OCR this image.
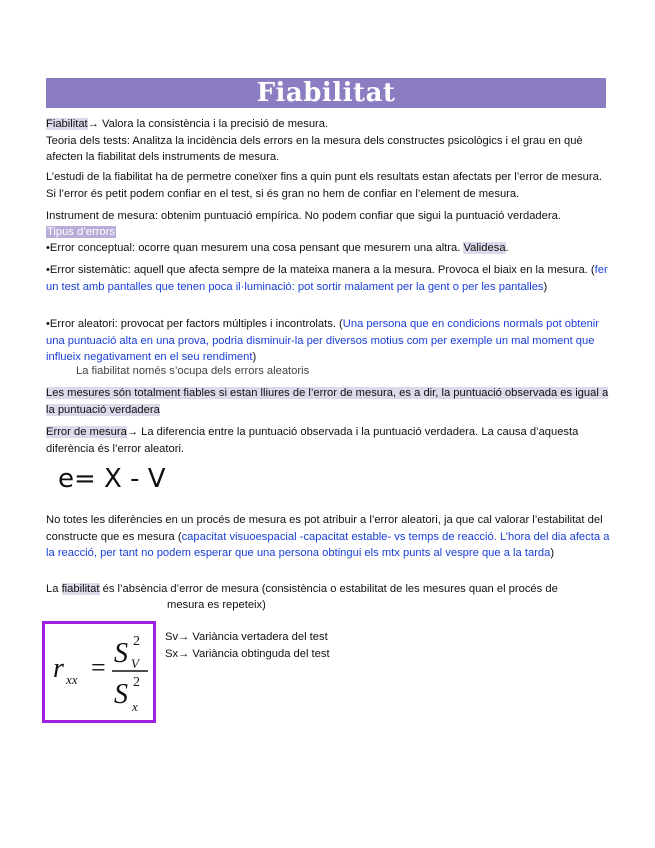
Fiabilitat
Fiabilitat→ Valora la consistència i la precisió de mesura.
Teoria dels tests: Analitza la incidència dels errors en la mesura dels constructes psicològics i el grau en què afecten la fiabilitat dels instruments de mesura.
L’estudi de la fiabilitat ha de permetre coneïxer fins a quin punt els resultats estan afectats per l’error de mesura. Si l’error és petit podem confiar en el test, si és gran no hem de confiar en l’element de mesura.
Instrument de mesura: obtenim puntuació empírica. No podem confiar que sigui la puntuació verdadera.
Tipus d’errors
•Error conceptual: ocorre quan mesurem una cosa pensant que mesurem una altra. Validesa.
•Error sistemàtic: aquell que afecta sempre de la mateixa manera a la mesura. Provoca el biaix en la mesura. (fer un test amb pantalles que tenen poca il·luminació: pot sortir malament per la gent o per les pantalles)
•Error aleatori: provocat per factors múltiples i incontrolats. (Una persona que en condicions normals pot obtenir una puntuació alta en una prova, podria disminuir-la per diversos motius com per exemple un mal moment que influeix negativament en el seu rendiment)
La fiabilitat només s’ocupa dels errors aleatoris
Les mesures són totalment fiables si estan lliures de l’error de mesura, es a dir, la puntuació observada es igual a la puntuació verdadera
Error de mesura→ La diferencia entre la puntuació observada i la puntuació verdadera. La causa d’aquesta diferència és l’error aleatori.
e= X - V
No totes les diferències en un procés de mesura es pot atribuir a l’error aleatori, ja que cal valorar l’estabilitat del constructe que es mesura (capacitat visuoespacial -capacitat estable- vs temps de reacció. L’hora del dia afecta a la reacció, per tant no podem esperar que una persona obtingui els mtx punts al vespre que a la tarda)
La fiabilitat és l’absència d’error de mesura (consistència o estabilitat de les mesures quan el procés de
mesura es repeteix)
r xx = S 2
V
S 2
x
Sv→ Variància vertadera del test
Sx→ Variància obtinguda del test
